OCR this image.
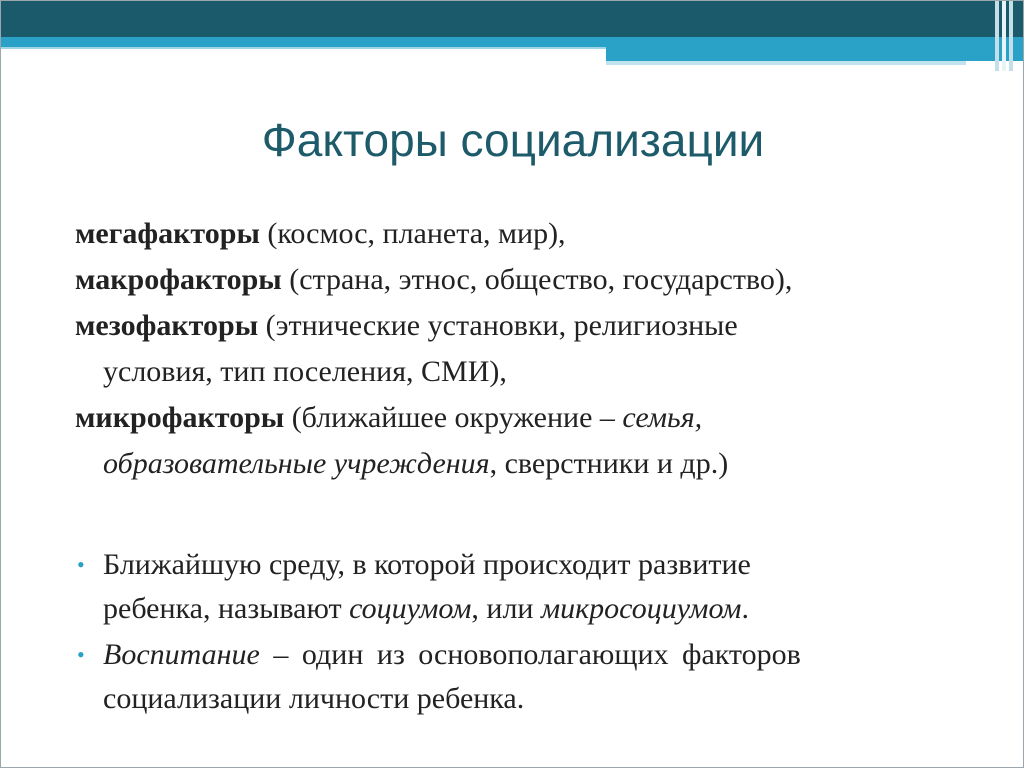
Факторы социализации

мегафакторы (космос, планета, мир),

макрофакторы (страна, этнос, общество, государство),

мезофакторы (этнические установки, религиозные
условия, тип поселения, СМИ),

микрофакторы (ближайшее окружение – семья,
образовательные учреждения, сверстники и др.)

• Ближайшую среду, в которой происходит развитие
ребенка, называют социумом, или микросоциумом.
• Воспитание – один из основополагающих факторов
социализации личности ребенка.
